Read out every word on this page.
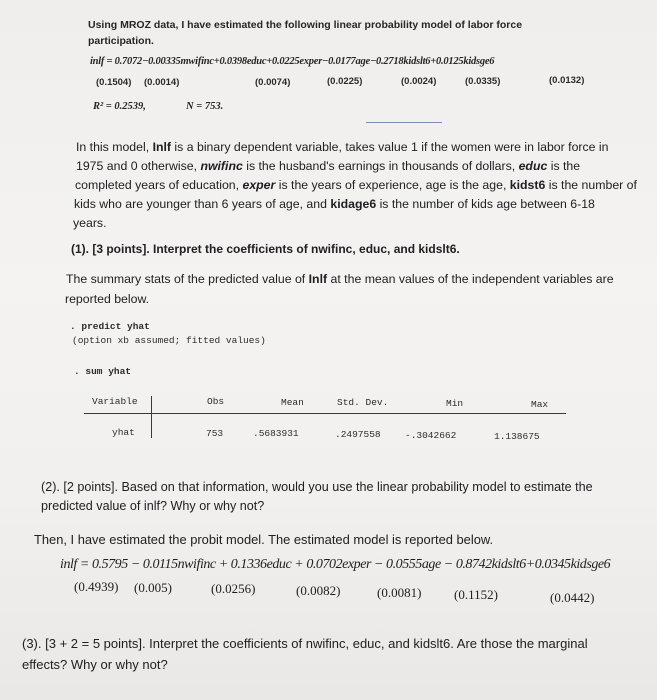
Using MROZ data, I have estimated the following linear probability model of labor force
participation.
inlf = 0.7072−0.00335mwifinc+0.0398educ+0.0225exper−0.0177age−0.2718kidslt6+0.0125kidsge6
(0.1504) (0.0014)	(0.0074)	(0.0225)	(0.0024)	(0.0335)	(0.0132)
R² = 0.2539,	N = 753.
In this model, Inlf is a binary dependent variable, takes value 1 if the women were in labor force in
1975 and 0 otherwise, nwifinc is the husband's earnings in thousands of dollars, educ is the
completed years of education, exper is the years of experience, age is the age, kidst6 is the number of
kids who are younger than 6 years of age, and kidage6 is the number of kids age between 6-18
years.
(1). [3 points]. Interpret the coefficients of nwifinc, educ, and kidslt6.
The summary stats of the predicted value of Inlf at the mean values of the independent variables are
reported below.
. predict yhat
(option xb assumed; fitted values)
. sum yhat
Variable	Obs	Mean	Std. Dev.	Min	Max
yhat	753	.5683931	.2497558	-.3042662	1.138675
(2). [2 points]. Based on that information, would you use the linear probability model to estimate the
predicted value of inlf? Why or why not?
Then, I have estimated the probit model. The estimated model is reported below.
inlf = 0.5795 − 0.0115nwifinc + 0.1336educ + 0.0702exper − 0.0555age − 0.8742kidslt6+0.0345kidsge6
(0.4939) (0.005)	(0.0256)	(0.0082)	(0.0081)	(0.1152)	(0.0442)
(3). [3 + 2 = 5 points]. Interpret the coefficients of nwifinc, educ, and kidslt6. Are those the marginal
effects? Why or why not?
